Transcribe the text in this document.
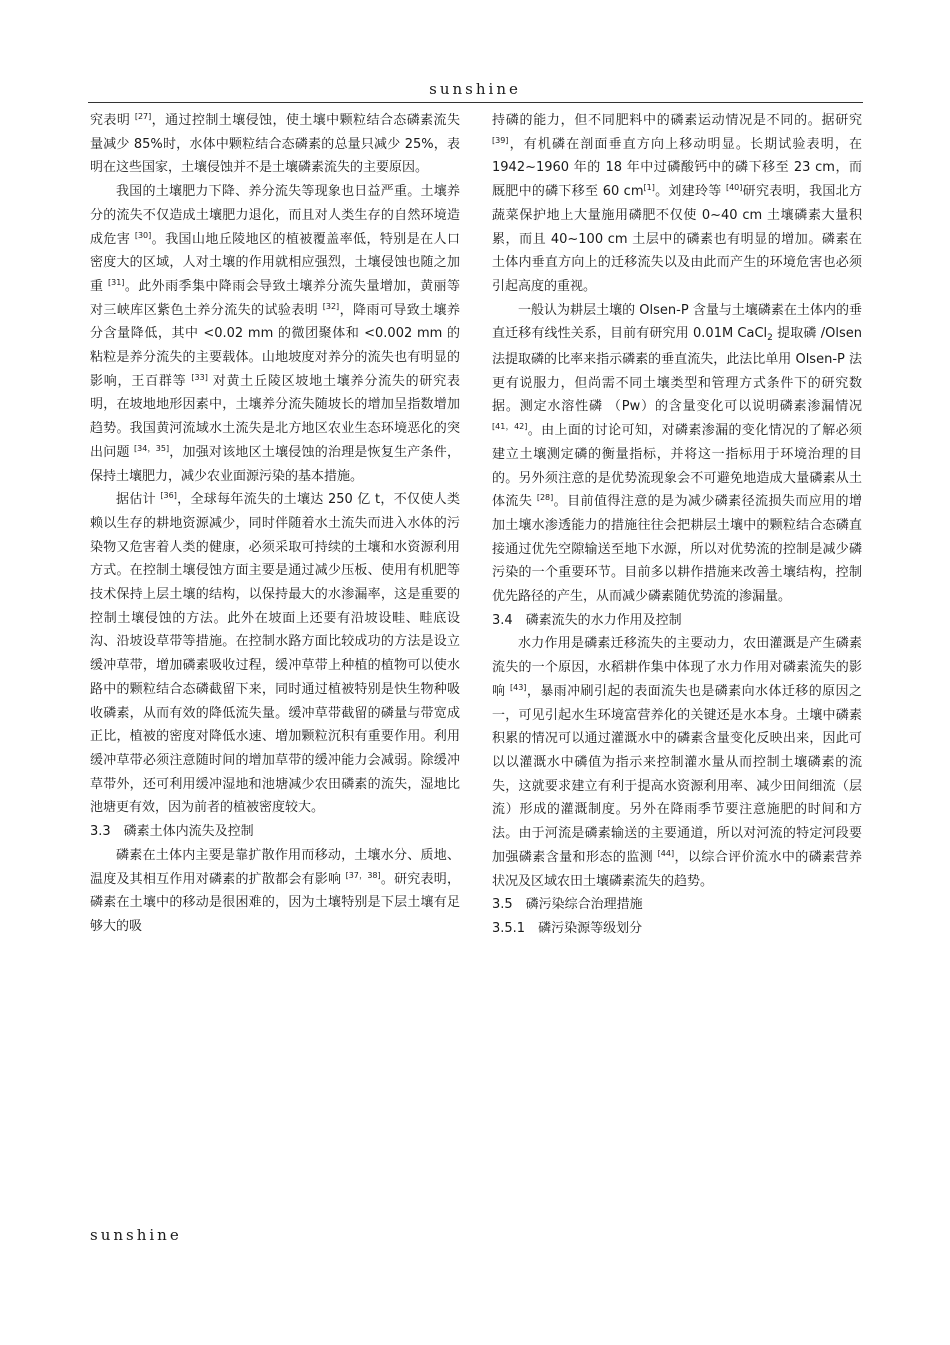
sunshine

究表明 [27]，通过控制土壤侵蚀，使土壤中颗粒结合态磷素流失量减少 85%时，水体中颗粒结合态磷素的总量只减少 25%，表明在这些国家，土壤侵蚀并不是土壤磷素流失的主要原因。

我国的土壤肥力下降、养分流失等现象也日益严重。土壤养分的流失不仅造成土壤肥力退化，而且对人类生存的自然环境造成危害 [30]。我国山地丘陵地区的植被覆盖率低，特别是在人口密度大的区域，人对土壤的作用就相应强烈，土壤侵蚀也随之加重 [31]。此外雨季集中降雨会导致土壤养分流失量增加，黄丽等对三峡库区紫色土养分流失的试验表明 [32]，降雨可导致土壤养分含量降低，其中 <0.02 mm 的微团聚体和 <0.002 mm 的粘粒是养分流失的主要载体。山地坡度对养分的流失也有明显的影响，王百群等 [33] 对黄土丘陵区坡地土壤养分流失的研究表明，在坡地地形因素中，土壤养分流失随坡长的增加呈指数增加趋势。我国黄河流域水土流失是北方地区农业生态环境恶化的突出问题 [34，35]，加强对该地区土壤侵蚀的治理是恢复生产条件，保持土壤肥力，减少农业面源污染的基本措施。

据估计 [36]，全球每年流失的土壤达 250 亿 t，不仅使人类赖以生存的耕地资源减少，同时伴随着水土流失而进入水体的污染物又危害着人类的健康，必须采取可持续的土壤和水资源利用方式。在控制土壤侵蚀方面主要是通过减少压板、使用有机肥等技术保持上层土壤的结构，以保持最大的水渗漏率，这是重要的控制土壤侵蚀的方法。此外在坡面上还要有沿坡设畦、畦底设沟、沿坡设草带等措施。在控制水路方面比较成功的方法是设立缓冲草带，增加磷素吸收过程，缓冲草带上种植的植物可以使水路中的颗粒结合态磷截留下来，同时通过植被特别是快生物种吸收磷素，从而有效的降低流失量。缓冲草带截留的磷量与带宽成正比，植被的密度对降低水速、增加颗粒沉积有重要作用。利用缓冲草带必须注意随时间的增加草带的缓冲能力会减弱。除缓冲草带外，还可利用缓冲湿地和池塘减少农田磷素的流失，湿地比池塘更有效，因为前者的植被密度较大。

3.3　磷素土体内流失及控制

磷素在土体内主要是靠扩散作用而移动，土壤水分、质地、温度及其相互作用对磷素的扩散都会有影响 [37，38]。研究表明，磷素在土壤中的移动是很困难的，因为土壤特别是下层土壤有足够大的吸

持磷的能力，但不同肥料中的磷素运动情况是不同的。据研究 [39]，有机磷在剖面垂直方向上移动明显。长期试验表明，在 1942~1960 年的 18 年中过磷酸钙中的磷下移至 23 cm，而厩肥中的磷下移至 60 cm[1]。刘建玲等 [40]研究表明，我国北方蔬菜保护地上大量施用磷肥不仅使 0~40 cm 土壤磷素大量积累，而且 40~100 cm 土层中的磷素也有明显的增加。磷素在土体内垂直方向上的迁移流失以及由此而产生的环境危害也必须引起高度的重视。

一般认为耕层土壤的 Olsen-P 含量与土壤磷素在土体内的垂直迁移有线性关系，目前有研究用 0.01M CaCl$_2$ 提取磷 /Olsen 法提取磷的比率来指示磷素的垂直流失，此法比单用 Olsen-P 法更有说服力，但尚需不同土壤类型和管理方式条件下的研究数据。测定水溶性磷 （Pw）的含量变化可以说明磷素渗漏情况 [41，42]。由上面的讨论可知，对磷素渗漏的变化情况的了解必须建立土壤测定磷的衡量指标，并将这一指标用于环境治理的目的。另外须注意的是优势流现象会不可避免地造成大量磷素从土体流失 [28]。目前值得注意的是为减少磷素径流损失而应用的增加土壤水渗透能力的措施往往会把耕层土壤中的颗粒结合态磷直接通过优先空隙输送至地下水源，所以对优势流的控制是减少磷污染的一个重要环节。目前多以耕作措施来改善土壤结构，控制优先路径的产生，从而减少磷素随优势流的渗漏量。

3.4　磷素流失的水力作用及控制

水力作用是磷素迁移流失的主要动力，农田灌溉是产生磷素流失的一个原因，水稻耕作集中体现了水力作用对磷素流失的影响 [43]，暴雨冲刷引起的表面流失也是磷素向水体迁移的原因之一，可见引起水生环境富营养化的关键还是水本身。土壤中磷素积累的情况可以通过灌溉水中的磷素含量变化反映出来，因此可以以灌溉水中磷值为指示来控制灌水量从而控制土壤磷素的流失，这就要求建立有利于提高水资源利用率、减少田间细流（层流）形成的灌溉制度。另外在降雨季节要注意施肥的时间和方法。由于河流是磷素输送的主要通道，所以对河流的特定河段要加强磷素含量和形态的监测 [44]，以综合评价流水中的磷素营养状况及区域农田土壤磷素流失的趋势。

3.5　磷污染综合治理措施

3.5.1　磷污染源等级划分

sunshine
